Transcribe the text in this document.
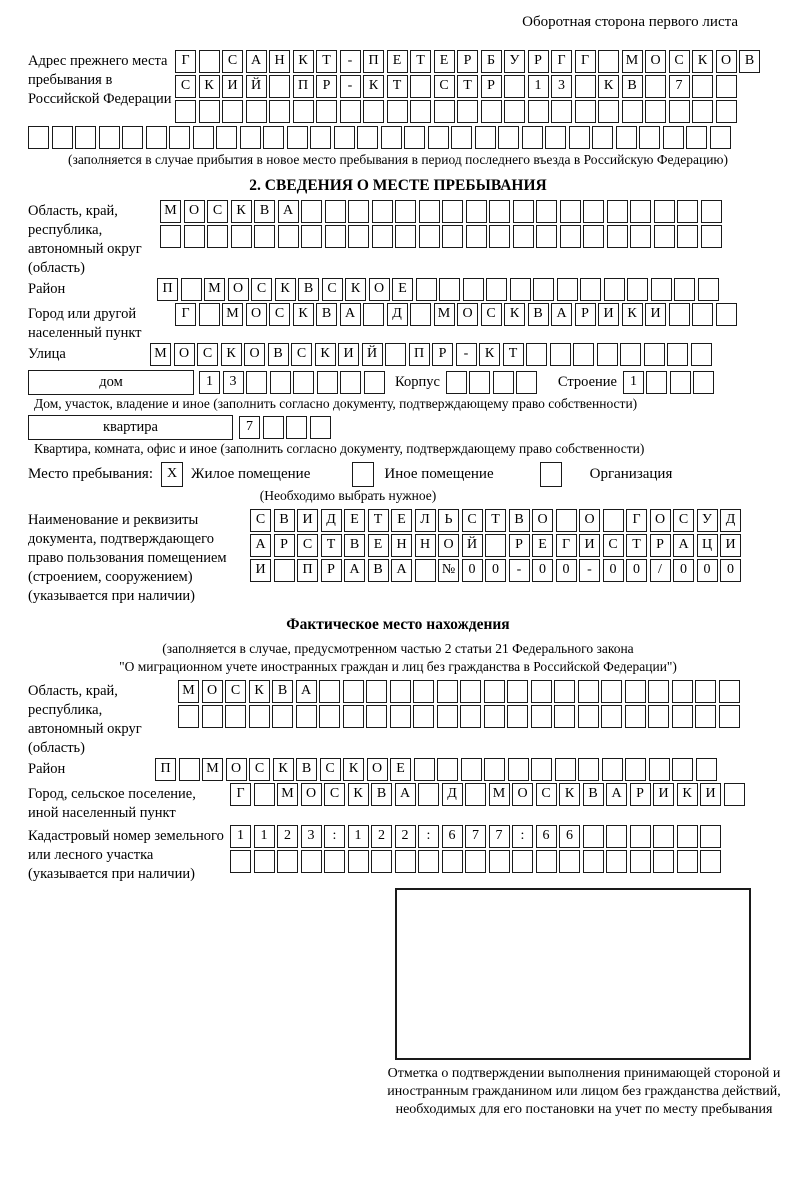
Оборотная сторона первого листа
Адрес прежнего места пребывания в Российской Федерации
Г	С А Н К	Т	-	П	Е	Т	Е	Р	Б	У	Р	Г	Г	М О С	К О В
С	К И Й	П	Р	-	К	Т	С	Т	Р	1	3	К	В	7
(заполняется в случае прибытия в новое место пребывания в период последнего въезда в Российскую Федерацию)
2. СВЕДЕНИЯ О МЕСТЕ ПРЕБЫВАНИЯ
Область, край, республика, автономный округ (область)
М О С	К	В А
Район	П	М О С	К	В	С	К О	Е
Город или другой населенный пункт
Г	М О С	К	В А	Д	М О С	К	В А	Р	И К И
Улица	М О С	К О В	С	К И Й	П	Р	-	К	Т
дом	1	3	Корпус	Строение 1
Дом, участок, владение и иное (заполнить согласно документу, подтверждающему право собственности)
квартира	7
Квартира, комната, офис и иное (заполнить согласно документу, подтверждающему право собственности)
Место пребывания: X Жилое помещение	Иное помещение	Организация
(Необходимо выбрать нужное)
Наименование и реквизиты документа, подтверждающего право пользования помещением (строением, сооружением) (указывается при наличии)
С	В И Д	Е	Т	Е	Л	Ь	С	Т	В О	О	Г	О С У Д
А	Р	С	Т	В	Е	Н Н О Й	Р	Е	Г	И С	Т	Р	А Ц И
И	П	Р	А В А	№ 0	0	-	0	0	-	0	0	/	0	0	0
Фактическое место нахождения
(заполняется в случае, предусмотренном частью 2 статьи 21 Федерального закона
"О миграционном учете иностранных граждан и лиц без гражданства в Российской Федерации")
Область, край, республика, автономный округ (область)
М О С	К	В А
Район	П	М О С	К	В	С	К О	Е
Город, сельское поселение, иной населенный пункт
Г	М О С	К	В А	Д	М О С	К	В А	Р	И К И
Кадастровый номер земельного или лесного участка (указывается при наличии)
1	1	2	3	:	1	2	2	:	6	7	7	:	6	6
Отметка о подтверждении выполнения принимающей стороной и иностранным гражданином или лицом без гражданства действий, необходимых для его постановки на учет по месту пребывания
